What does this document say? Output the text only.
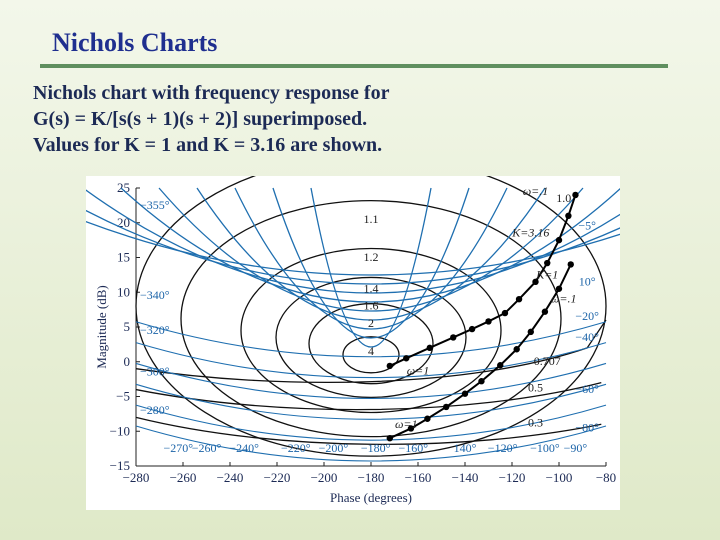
Nichols Charts
Nichols chart with frequency response for
G(s) = K/[s(s + 1)(s + 2)] superimposed.
Values for K = 1 and K = 3.16 are shown.
25
20
15
10
5
0
−5
−10
−15
−280 −260 −240 −220 −200 −180 −160 −140 −120 −100 −80
Phase (degrees)
Magnitude (dB)
1.0
1.1
1.2
1.4
1.6
2
4
0.707
0.5
0.3
−355°
−340°
−320°
−300°
−280°
−270°	−240°
−260°	−220° −200° −180° −160° 140° −120° −100° −90°
−5°
10°
−20°
−40°
−60°
−80°
ω=.1
K=3.16
K=1
ω=.1
ω=1
ω=1
